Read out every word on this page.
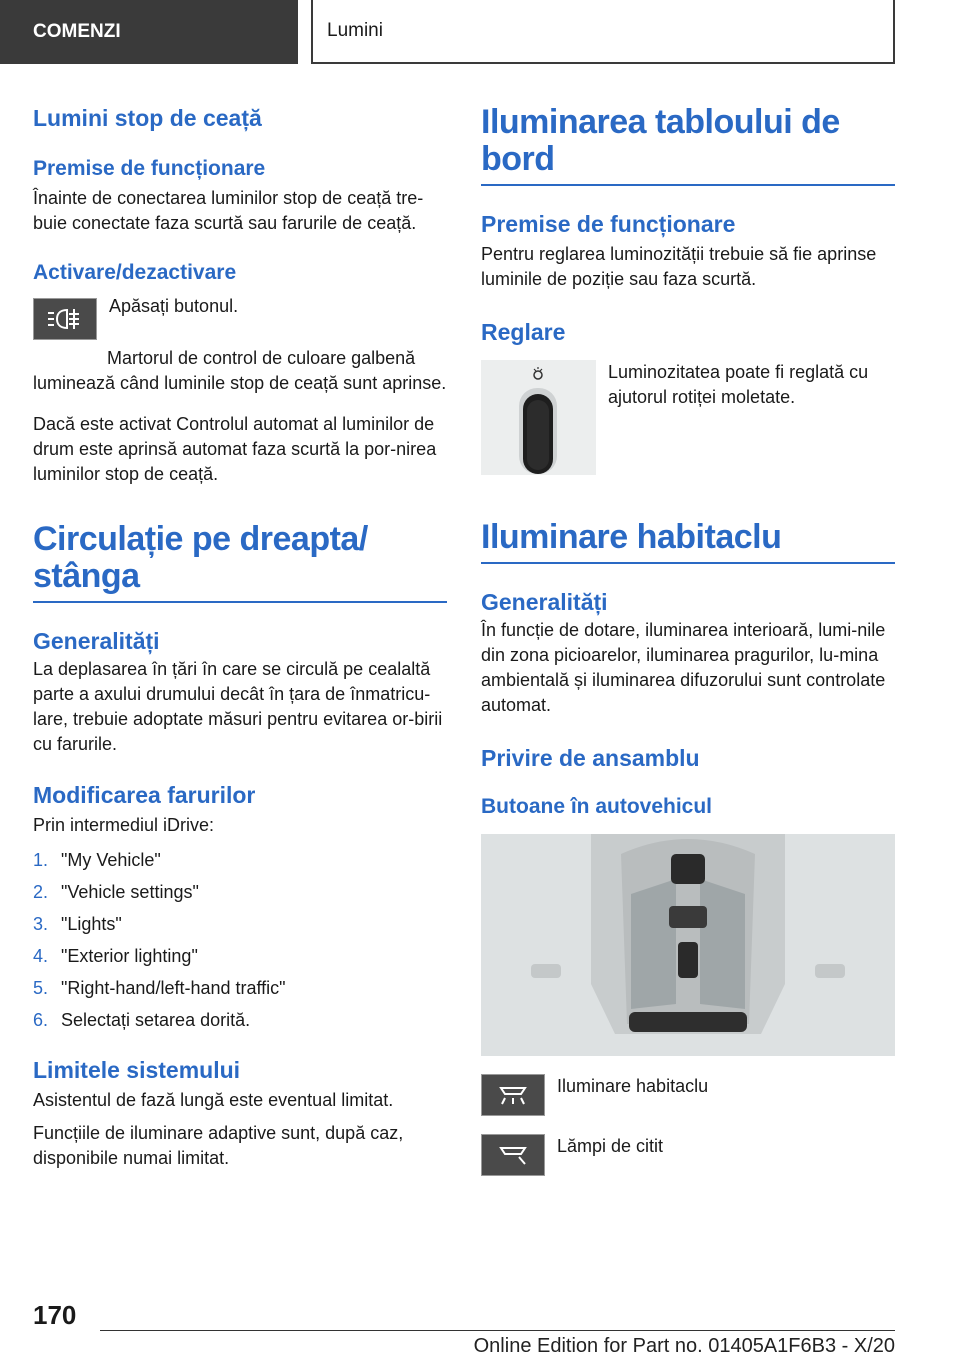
COMENZI	Lumini
Lumini stop de ceață
Premise de funcționare

Înainte de conectarea luminilor stop de ceață tre-buie conectate faza scurtă sau farurile de ceață.

Activare/dezactivare

Apăsați butonul.

Martorul de control de culoare galbenă luminează când luminile stop de ceață sunt aprinse.

Dacă este activat Controlul automat al luminilor de drum este aprinsă automat faza scurtă la por-nirea luminilor stop de ceață.

Circulație pe dreapta/ stânga
Generalități

La deplasarea în țări în care se circulă pe cealaltă parte a axului drumului decât în țara de înmatricu-lare, trebuie adoptate măsuri pentru evitarea or-birii cu farurile.

Modificarea farurilor

Prin intermediul iDrive:

1. "My Vehicle"
2. "Vehicle settings"
3. "Lights"
4. "Exterior lighting"
5. "Right-hand/left-hand traffic"
6. Selectați setarea dorită.
Limitele sistemului

Asistentul de fază lungă este eventual limitat.

Funcțiile de iluminare adaptive sunt, după caz, disponibile numai limitat.

Iluminarea tabloului de bord
Premise de funcționare

Pentru reglarea luminozității trebuie să fie aprinse luminile de poziție sau faza scurtă.

Reglare

Luminozitatea poate fi reglată cu ajutorul rotiței moletate.

Iluminare habitaclu
Generalități

În funcție de dotare, iluminarea interioară, lumi-nile din zona picioarelor, iluminarea pragurilor, lu-mina ambientală și iluminarea difuzorului sunt controlate automat.

Privire de ansamblu
Butoane în autovehicul

Iluminare habitaclu

Lămpi de citit

170
Online Edition for Part no. 01405A1F6B3 - X/20
